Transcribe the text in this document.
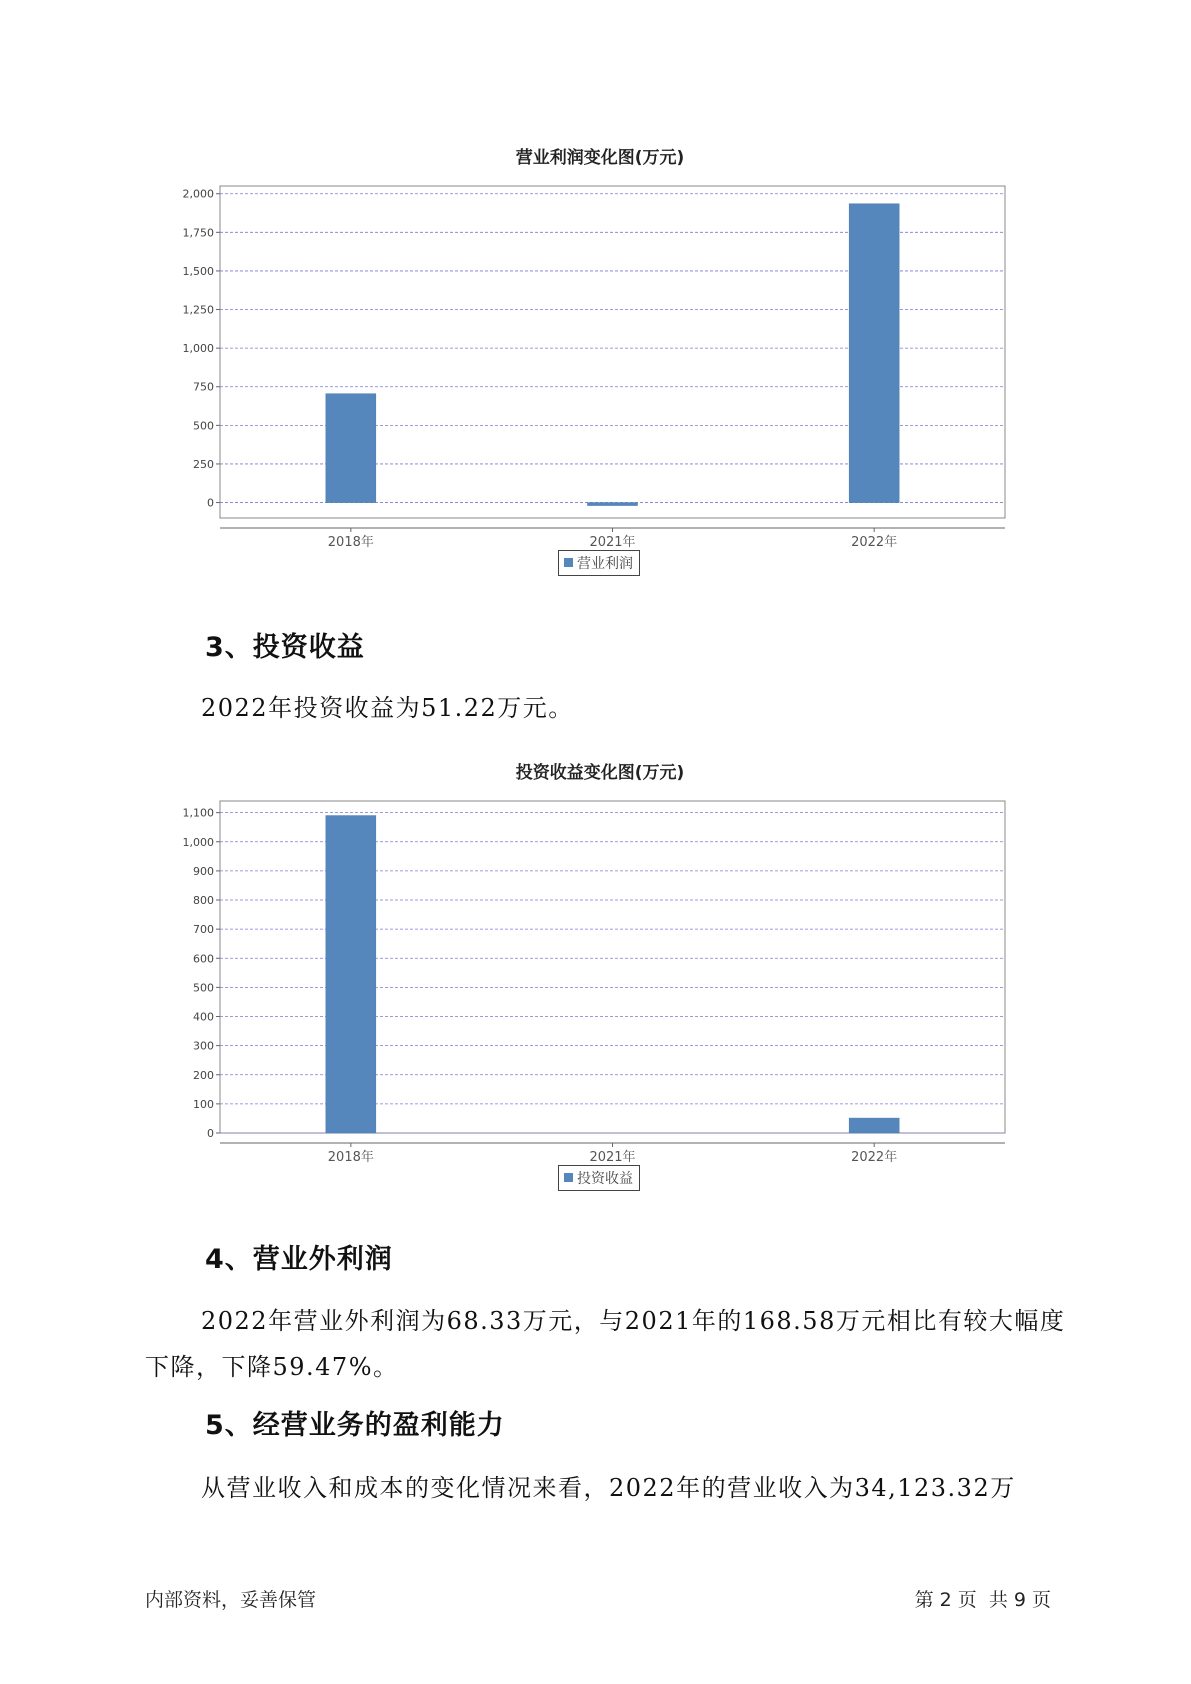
营业利润变化图(万元)
0
250
500
750
1,000
1,250
1,500
1,750
2,000
2018年	2021年	2022年
营业利润
3、投资收益
2022年投资收益为51.22万元。
投资收益变化图(万元)
0
100
200
300
400
500
600
700
800
900
1,000
1,100
2018年	2021年	2022年
投资收益
4、营业外利润
2022年营业外利润为68.33万元，与2021年的168.58万元相比有较大幅度下降，下降59.47%。
5、经营业务的盈利能力
从营业收入和成本的变化情况来看，2022年的营业收入为34,123.32万
内部资料，妥善保管	第 2 页  共 9 页
